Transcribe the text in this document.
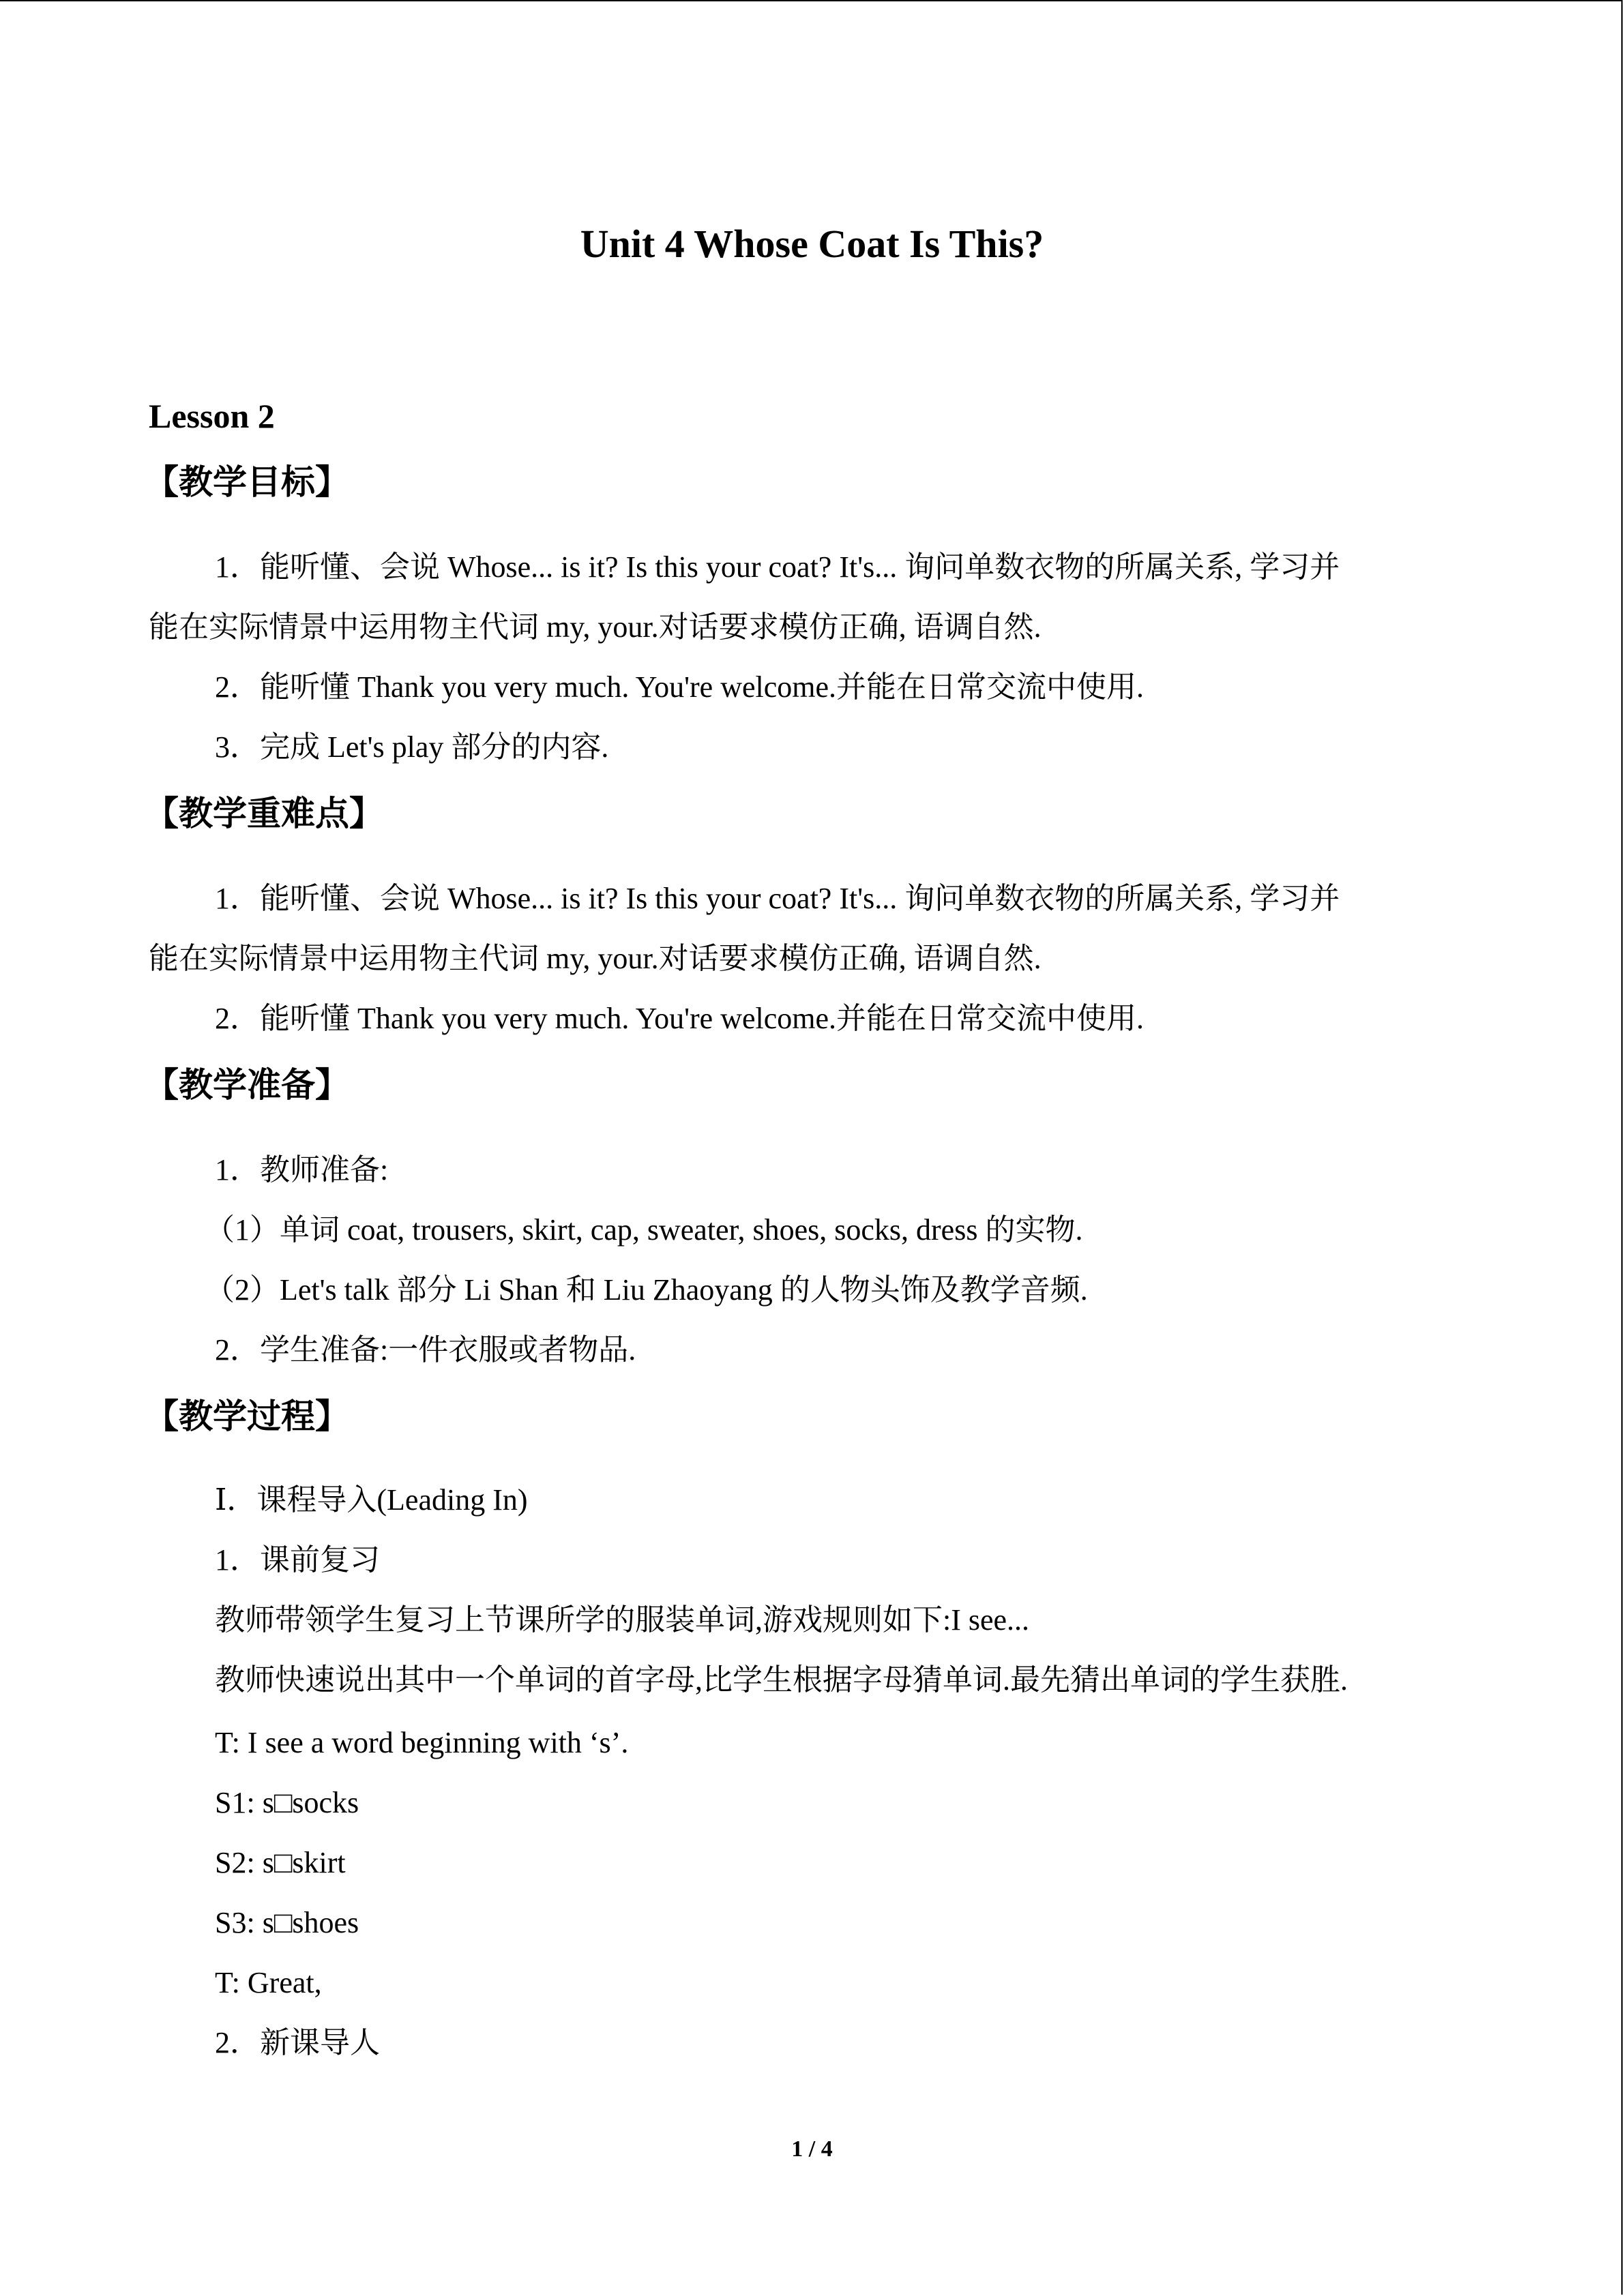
Unit 4 Whose Coat Is This?
Lesson 2
【教学目标】
1．能听懂、会说 Whose... is it? Is this your coat? It's... 询问单数衣物的所属关系, 学习并
能在实际情景中运用物主代词 my, your.对话要求模仿正确, 语调自然.
2．能听懂 Thank you very much. You're welcome.并能在日常交流中使用.
3．完成 Let's play 部分的内容.
【教学重难点】
1．能听懂、会说 Whose... is it? Is this your coat? It's... 询问单数衣物的所属关系, 学习并
能在实际情景中运用物主代词 my, your.对话要求模仿正确, 语调自然.
2．能听懂 Thank you very much. You're welcome.并能在日常交流中使用.
【教学准备】
1．教师准备:
（1）单词 coat, trousers, skirt, cap, sweater, shoes, socks, dress 的实物.
（2）Let's talk 部分 Li Shan 和 Liu Zhaoyang 的人物头饰及教学音频.
2．学生准备:一件衣服或者物品.
【教学过程】
Ⅰ．课程导入(Leading In)
1．课前复习
教师带领学生复习上节课所学的服装单词,游戏规则如下:I see...
教师快速说出其中一个单词的首字母,比学生根据字母猜单词.最先猜出单词的学生获胜.
T: I see a word beginning with ‘s’.
S1: s□socks
S2: s□skirt
S3: s□shoes
T: Great,
2．新课导人
1 / 4
